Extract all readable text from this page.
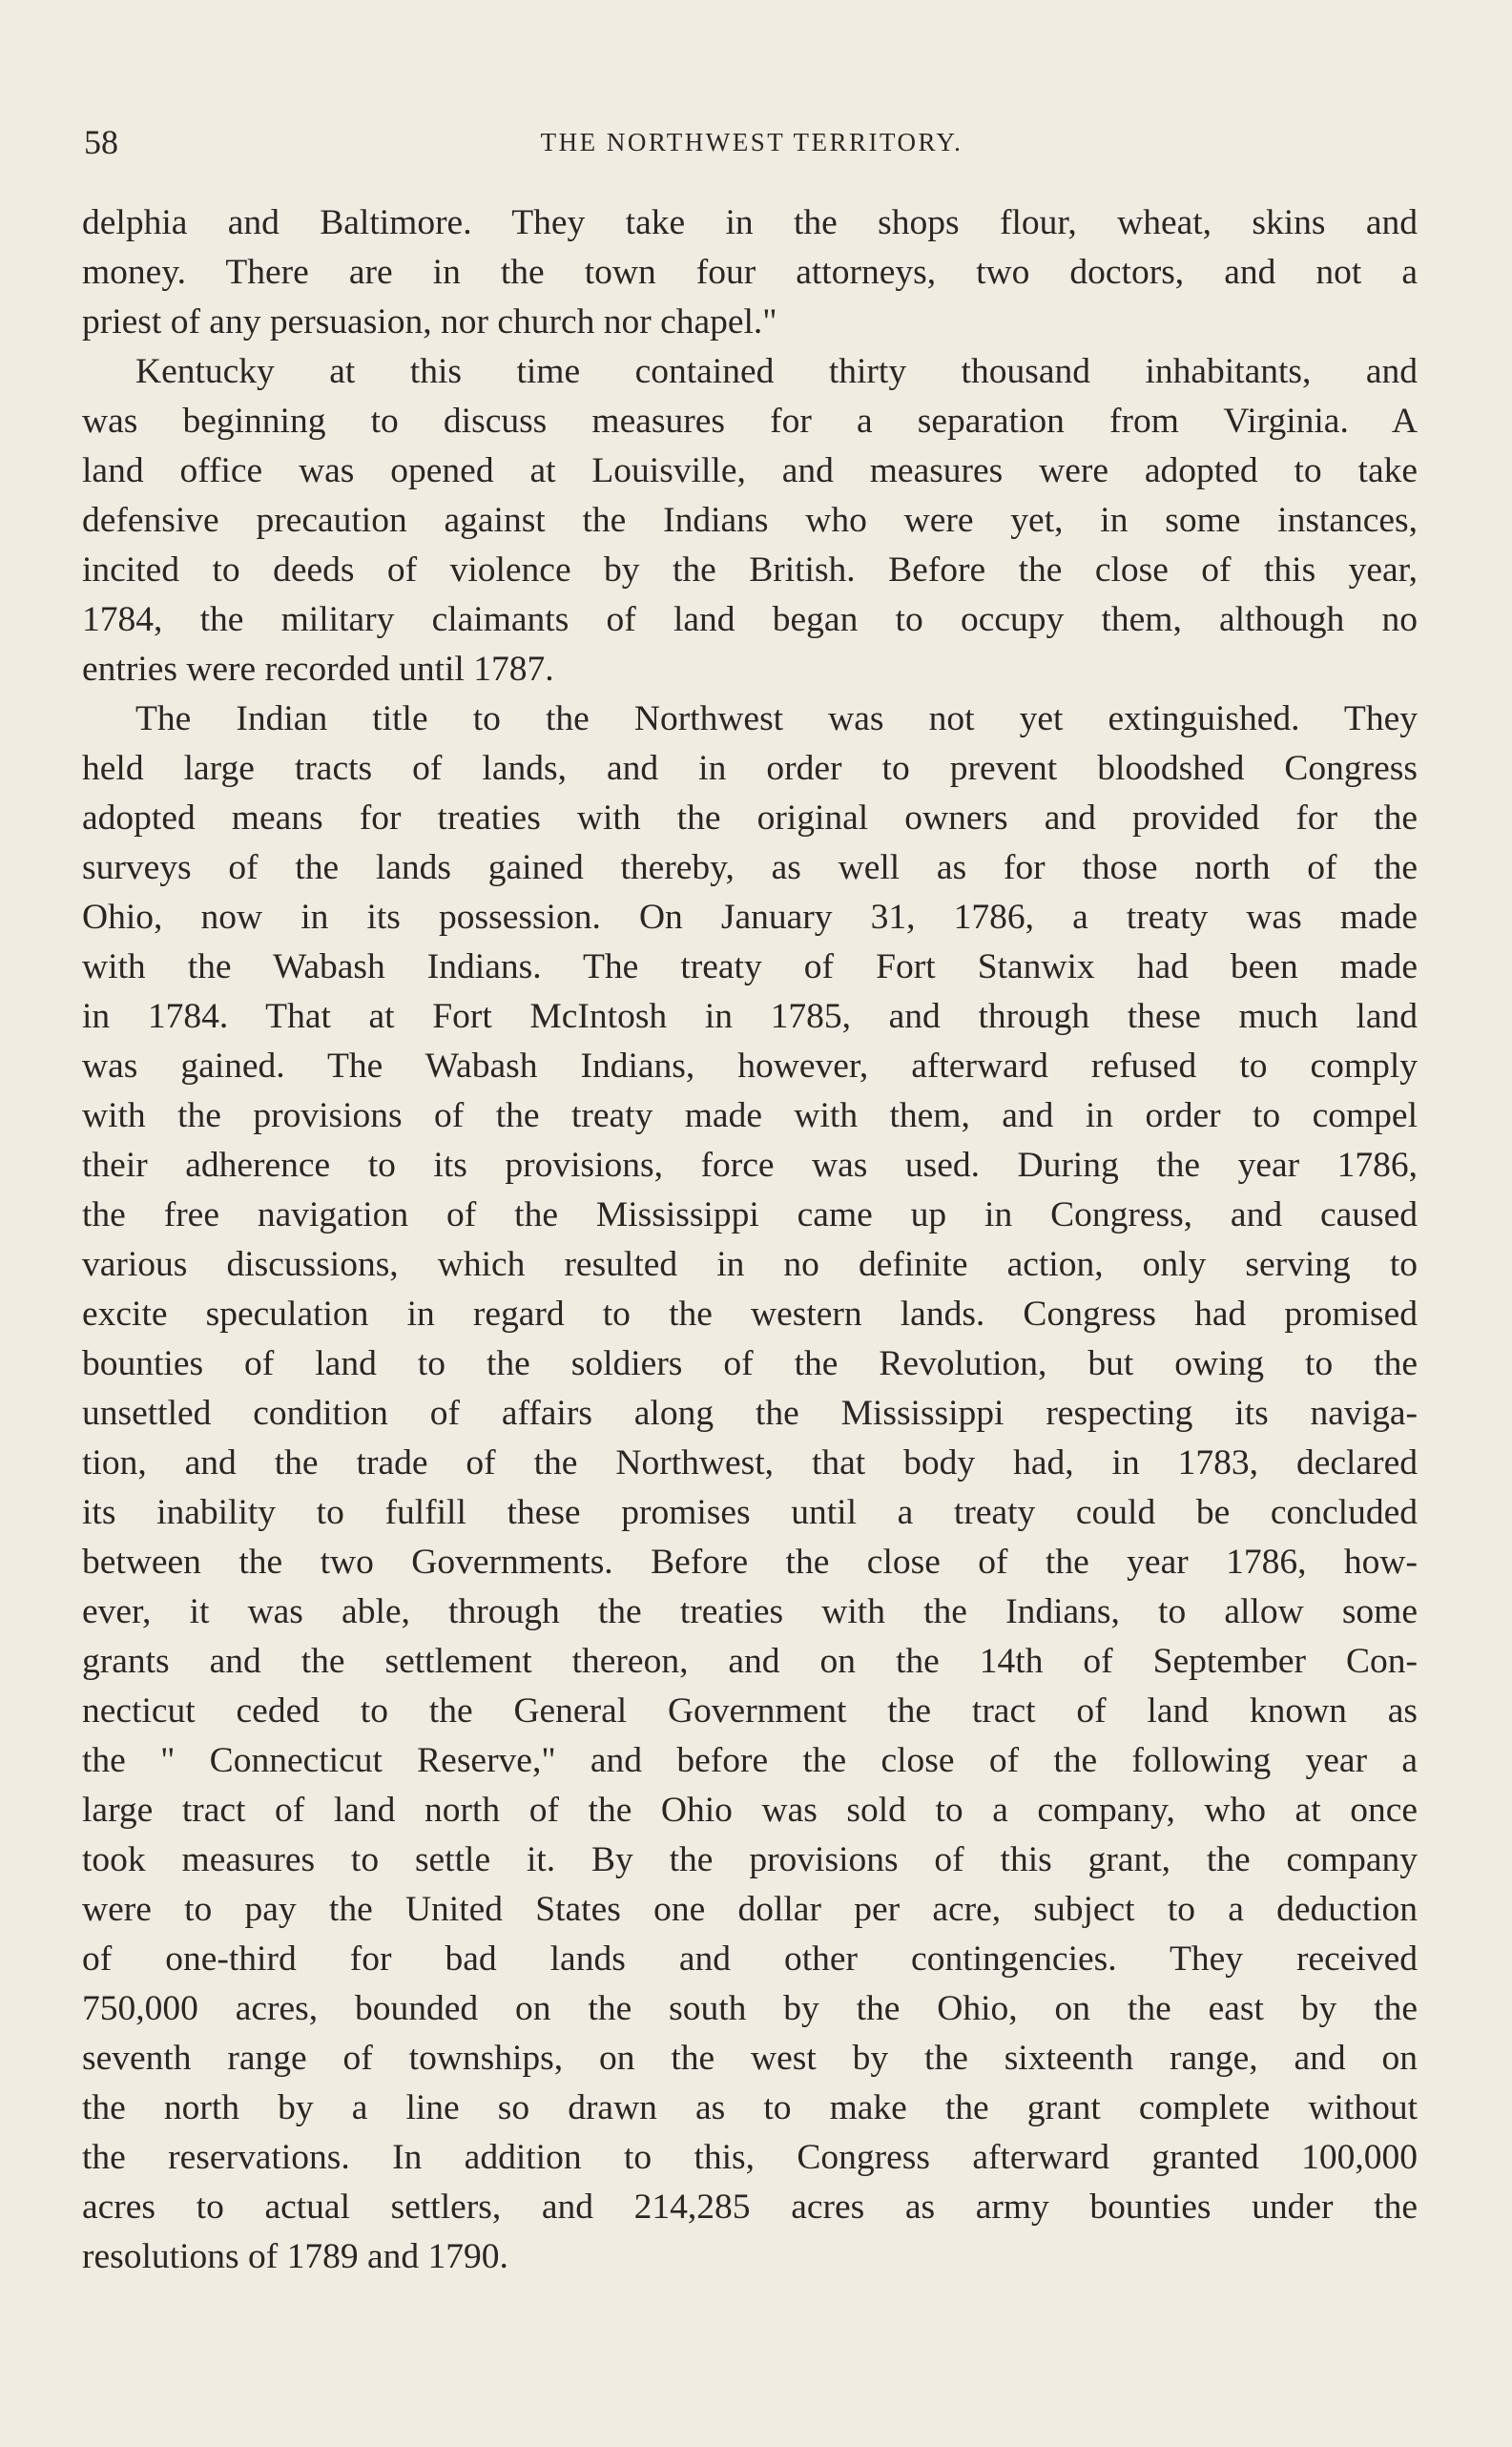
58	THE NORTHWEST TERRITORY.
delphia and Baltimore. They take in the shops flour, wheat, skins and
money. There are in the town four attorneys, two doctors, and not a
priest of any persuasion, nor church nor chapel."
Kentucky at this time contained thirty thousand inhabitants, and
was beginning to discuss measures for a separation from Virginia. A
land office was opened at Louisville, and measures were adopted to take
defensive precaution against the Indians who were yet, in some instances,
incited to deeds of violence by the British. Before the close of this year,
1784, the military claimants of land began to occupy them, although no
entries were recorded until 1787.
The Indian title to the Northwest was not yet extinguished. They
held large tracts of lands, and in order to prevent bloodshed Congress
adopted means for treaties with the original owners and provided for the
surveys of the lands gained thereby, as well as for those north of the
Ohio, now in its possession. On January 31, 1786, a treaty was made
with the Wabash Indians. The treaty of Fort Stanwix had been made
in 1784. That at Fort McIntosh in 1785, and through these much land
was gained. The Wabash Indians, however, afterward refused to comply
with the provisions of the treaty made with them, and in order to compel
their adherence to its provisions, force was used. During the year 1786,
the free navigation of the Mississippi came up in Congress, and caused
various discussions, which resulted in no definite action, only serving to
excite speculation in regard to the western lands. Congress had promised
bounties of land to the soldiers of the Revolution, but owing to the
unsettled condition of affairs along the Mississippi respecting its naviga-
tion, and the trade of the Northwest, that body had, in 1783, declared
its inability to fulfill these promises until a treaty could be concluded
between the two Governments. Before the close of the year 1786, how-
ever, it was able, through the treaties with the Indians, to allow some
grants and the settlement thereon, and on the 14th of September Con-
necticut ceded to the General Government the tract of land known as
the " Connecticut Reserve," and before the close of the following year a
large tract of land north of the Ohio was sold to a company, who at once
took measures to settle it. By the provisions of this grant, the company
were to pay the United States one dollar per acre, subject to a deduction
of one-third for bad lands and other contingencies. They received
750,000 acres, bounded on the south by the Ohio, on the east by the
seventh range of townships, on the west by the sixteenth range, and on
the north by a line so drawn as to make the grant complete without
the reservations. In addition to this, Congress afterward granted 100,000
acres to actual settlers, and 214,285 acres as army bounties under the
resolutions of 1789 and 1790.
